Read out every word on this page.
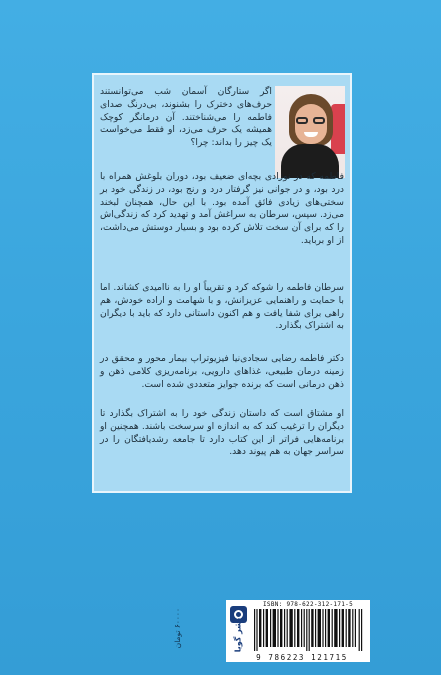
اگر ستارگان آسمان شب می‌توانستند حرف‌های دخترک را بشنوند، بی‌درنگ صدای فاطمه را می‌شناختند. آن درمانگر کوچک همیشه یک حرف می‌زد، او فقط می‌خواست یک چیز را بداند: چرا؟

فاطمه که در نوزادی بچه‌ای ضعیف بود، دوران بلوغش همراه با درد بود، و در جوانی نیز گرفتار درد و رنج بود، در زندگی خود بر سختی‌های زیادی فائق آمده بود. با این حال، همچنان لبخند می‌زد. سپس، سرطان به سراغش آمد و تهدید کرد که زندگی‌اش را که برای آن سخت تلاش کرده بود و بسیار دوستش می‌داشت، از او برباید.

سرطان فاطمه را شوکه کرد و تقریباً او را به ناامیدی کشاند. اما با حمایت و راهنمایی عزیزانش، و با شهامت و اراده خودش، هم راهی برای شفا یافت و هم اکنون داستانی دارد که باید با دیگران به اشتراک بگذارد.

دکتر فاطمه رضایی سجادی‌نیا فیزیوتراپ بیمار محور و محقق در زمینه درمان طبیعی، غذاهای دارویی، برنامه‌ریزی کلامی ذهن و ذهن درمانی است که برنده جوایز متعددی شده است.

او مشتاق است که داستان زندگی خود را به اشتراک بگذارد تا دیگران را ترغیب کند که به اندازه او سرسخت باشند. همچنین او برنامه‌هایی فراتر از این کتاب دارد تا جامعه رشدیافتگان را در سراسر جهان به هم پیوند دهد.

نشر گویا
ISBN: 978-622-312-171-5
9 786223 121715
۶۰۰۰۰ تومان
